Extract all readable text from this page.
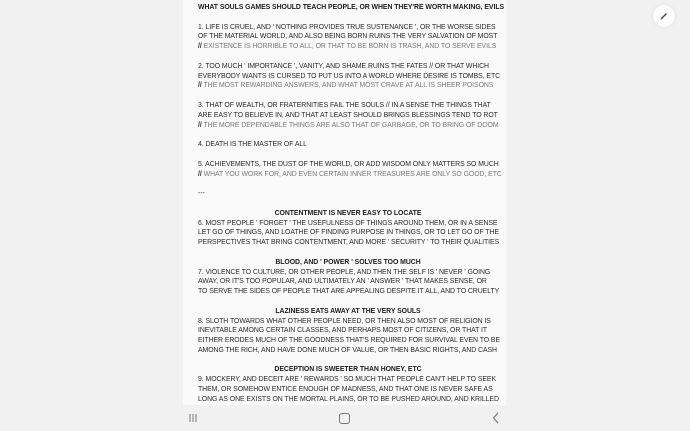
WHAT SOULS GAMES SHOULD TEACH PEOPLE, OR WHEN THEY'RE WORTH MAKING, EVILS
1. LIFE IS CRUEL, AND ' NOTHING PROVIDES TRUE SUSTENANCE ', OR THE WORSE SIDES
OF THE MATERIAL WORLD, AND ALSO BEING BORN RUINS THE VERY SALVATION OF MOST
// EXISTENCE IS HORRIBLE TO ALL, OR THAT TO BE BORN IS TRASH, AND TO SERVE EVILS
2. TOO MUCH ' IMPORTANCE ', VANITY, AND SHAME RUINS THE FATES // OR THAT WHICH
EVERYBODY WANTS IS CURSED TO PUT US INTO A WORLD WHERE DESIRE IS TOMBS, ETC
// THE MOST REWARDING ANSWERS, AND WHAT MOST CRAVE AT ALL IS SHEER POISONS
3. THAT OF WEALTH, OR FRATERNITIES FAIL THE SOULS // IN A SENSE THE THINGS THAT
ARE EASY TO BELIEVE IN, AND THAT AT LEAST SHOULD BRINGS BLESSINGS TEND TO ROT
// THE MORE DEPENDABLE THINGS ARE ALSO THAT OF GARBAGE, OR TO BRING OF DOOM
4. DEATH IS THE MASTER OF ALL
5. ACHIEVEMENTS, THE DUST OF THE WORLD, OR ADD WISDOM ONLY MATTERS SO MUCH
// WHAT YOU WORK FOR, AND EVEN CERTAIN INNER TREASURES ARE ONLY SO GOOD, ETC
---
CONTENTMENT IS NEVER EASY TO LOCATE
6. MOST PEOPLE ' FORGET ' THE USEFULNESS OF THINGS AROUND THEM, OR IN A SENSE
LET GO OF THINGS, AND LOATHE OF FINDING PURPOSE IN THINGS, OR TO LET GO OF THE
PERSPECTIVES THAT BRING CONTENTMENT, AND MORE ' SECURITY ' TO THEIR QUALITIES
BLOOD, AND ' POWER ' SOLVES TOO MUCH
7. VIOLENCE TO CULTURE, OR OTHER PEOPLE, AND THEN THE SELF IS ' NEVER ' GOING
AWAY, OR IT'S TOO POPULAR, AND ULTIMATELY AN ' ANSWER ' THAT MAKES SENSE, OR
TO SERVE THE SIDES OF PEOPLE THAT ARE APPEALING DESPITE IT ALL, AND TO CRUELTY
LAZINESS EATS AWAY AT THE VERY SOULS
8. SLOTH TOWARDS WHAT OTHER PEOPLE NEED, OR THEN ALSO MOST OF RELIGION IS
INEVITABLE AMONG CERTAIN CLASSES, AND PERHAPS MOST OF CITIZENS, OR THAT IT
EITHER ERODES MUCH OF THE GOODNESS THAT'S REQUIRED FOR SURVIVAL EVEN TO BE
AMONG THE RICH, AND HAVE DONE MUCH OF VALUE, OR THEN BASIC RIGHTS, AND CASH
DECEPTION IS SWEETER THAN HONEY, ETC
9. MOCKERY, AND DECEIT ARE ' REWARDS ' SO MUCH THAT PEOPLE CAN'T HELP TO SEEK
THEM, OR SOMEHOW ENTICE ENOUGH OF MADNESS, AND THAT ONE IS NEVER SAFE AS
LONG AS ONE EXISTS ON THE MORTAL PLAINS, OR TO BE PUSHED AROUND, AND KRILLED
